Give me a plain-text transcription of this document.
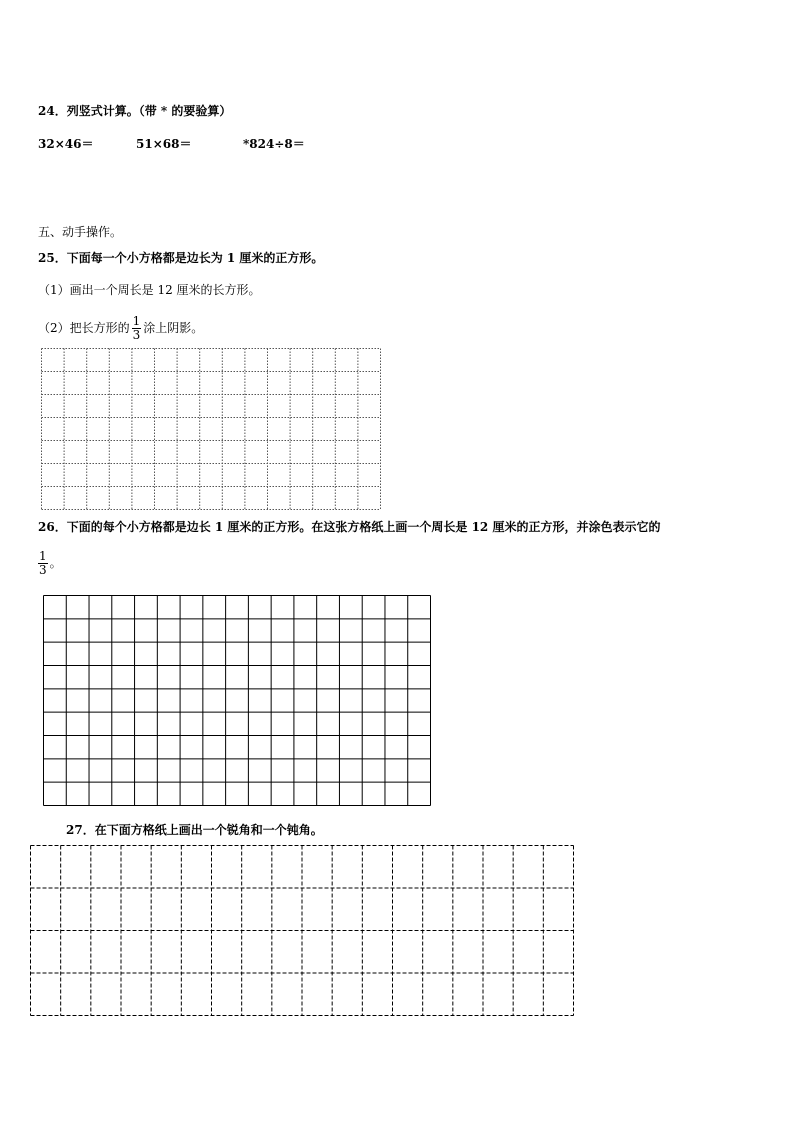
24．列竖式计算。（带 * 的要验算）
32×46＝	51×68＝	*824÷8＝
五、动手操作。
25．下面每一个小方格都是边长为 1 厘米的正方形。
（1）画出一个周长是 12 厘米的长方形。
（2）把长方形的 $\frac{1}{3}$ 涂上阴影。
26．下面的每个小方格都是边长 1 厘米的正方形。在这张方格纸上画一个周长是 12 厘米的正方形，并涂色表示它的
$\frac{1}{3}$ 。
27．在下面方格纸上画出一个锐角和一个钝角。
